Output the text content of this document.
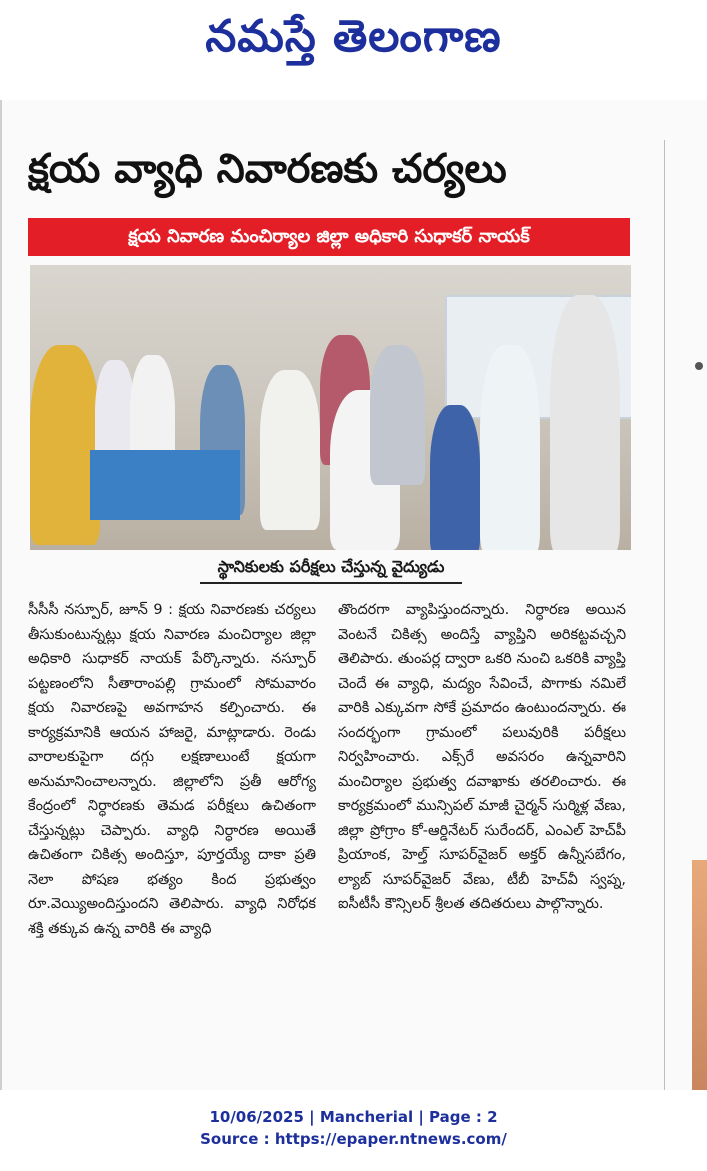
నమస్తే తెలంగాణ
క్షయ వ్యాధి నివారణకు చర్యలు
క్షయ నివారణ మంచిర్యాల జిల్లా అధికారి సుధాకర్ నాయక్
స్థానికులకు పరీక్షలు చేస్తున్న వైద్యుడు
సీసీసీ నస్పూర్, జూన్ 9 : క్షయ నివారణకు చర్యలు తీసుకుంటున్నట్లు క్షయ నివారణ మంచిర్యాల జిల్లా అధికారి సుధాకర్ నాయక్ పేర్కొన్నారు. నస్పూర్ పట్టణంలోని సీతారాంపల్లి గ్రామంలో సోమవారం క్షయ నివారణపై అవగాహన కల్పించారు. ఈ కార్యక్రమానికి ఆయన హాజరై, మాట్లాడారు. రెండు వారాలకుపైగా దగ్గు లక్షణాలుంటే క్షయగా అనుమానించాలన్నారు. జిల్లాలోని ప్రతీ ఆరోగ్య కేంద్రంలో నిర్ధారణకు తెమడ పరీక్షలు ఉచితంగా చేస్తున్నట్లు చెప్పారు. వ్యాధి నిర్ధారణ అయితే ఉచితంగా చికిత్స అందిస్తూ, పూర్తయ్యే దాకా ప్రతి నెలా పోషణ భత్యం కింద ప్రభుత్వం రూ.వెయ్యిఅందిస్తుందని తెలిపారు. వ్యాధి నిరోధక శక్తి తక్కువ ఉన్న వారికి ఈ వ్యాధి
తొందరగా వ్యాపిస్తుందన్నారు. నిర్ధారణ అయిన వెంటనే చికిత్స అందిస్తే వ్యాప్తిని అరికట్టవచ్చని తెలిపారు. తుంపర్ల ద్వారా ఒకరి నుంచి ఒకరికి వ్యాప్తి చెందే ఈ వ్యాధి, మద్యం సేవించే, పొగాకు నమిలే వారికి ఎక్కువగా సోకే ప్రమాదం ఉంటుందన్నారు. ఈ సందర్భంగా గ్రామంలో పలువురికి పరీక్షలు నిర్వహించారు. ఎక్స్‌రే అవసరం ఉన్నవారిని మంచిర్యాల ప్రభుత్వ దవాఖాకు తరలించారు. ఈ కార్యక్రమంలో మున్సిపల్ మాజీ చైర్మన్ సుర్మిళ్ల వేణు, జిల్లా ప్రోగ్రాం కో-ఆర్డినేటర్ సురేందర్, ఎంఎల్ హెచ్‌పీ ప్రియాంక, హెల్త్ సూపర్‌వైజర్ అక్తర్ ఉన్నీసబేగం, ల్యాబ్ సూపర్‌వైజర్ వేణు, టీబీ హెచ్‌వీ స్వప్న, ఐసీటీసీ కౌన్సిలర్ శ్రీలత తదితరులు పాల్గొన్నారు.
10/06/2025 | Mancherial | Page : 2
Source : https://epaper.ntnews.com/
